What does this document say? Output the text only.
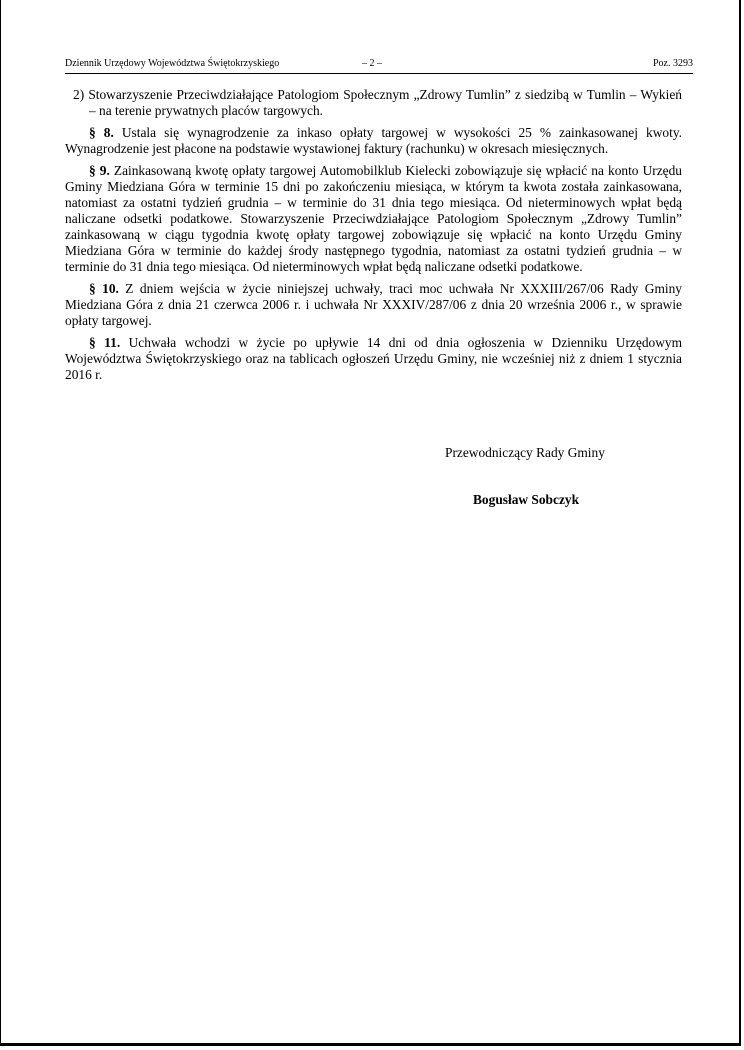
Dziennik Urzędowy Województwa Świętokrzyskiego	– 2 –	Poz. 3293

2) Stowarzyszenie Przeciwdziałające Patologiom Społecznym „Zdrowy Tumlin” z siedzibą w Tumlin – Wykień – na terenie prywatnych placów targowych.

§ 8. Ustala się wynagrodzenie za inkaso opłaty targowej w wysokości 25 % zainkasowanej kwoty. Wynagrodzenie jest płacone na podstawie wystawionej faktury (rachunku) w okresach miesięcznych.

§ 9. Zainkasowaną kwotę opłaty targowej Automobilklub Kielecki zobowiązuje się wpłacić na konto Urzędu Gminy Miedziana Góra w terminie 15 dni po zakończeniu miesiąca, w którym ta kwota została zainkasowana, natomiast za ostatni tydzień grudnia – w terminie do 31 dnia tego miesiąca. Od nieterminowych wpłat będą naliczane odsetki podatkowe. Stowarzyszenie Przeciwdziałające Patologiom Społecznym „Zdrowy Tumlin” zainkasowaną w ciągu tygodnia kwotę opłaty targowej zobowiązuje się wpłacić na konto Urzędu Gminy Miedziana Góra w terminie do każdej środy następnego tygodnia, natomiast za ostatni tydzień grudnia – w terminie do 31 dnia tego miesiąca. Od nieterminowych wpłat będą naliczane odsetki podatkowe.

§ 10. Z dniem wejścia w życie niniejszej uchwały, traci moc uchwała Nr XXXIII/267/06 Rady Gminy Miedziana Góra z dnia 21 czerwca 2006 r. i uchwała Nr XXXIV/287/06 z dnia 20 września 2006 r., w sprawie opłaty targowej.

§ 11. Uchwała wchodzi w życie po upływie 14 dni od dnia ogłoszenia w Dzienniku Urzędowym Województwa Świętokrzyskiego oraz na tablicach ogłoszeń Urzędu Gminy, nie wcześniej niż z dniem 1 stycznia 2016 r.

Przewodniczący Rady Gminy
Bogusław Sobczyk
